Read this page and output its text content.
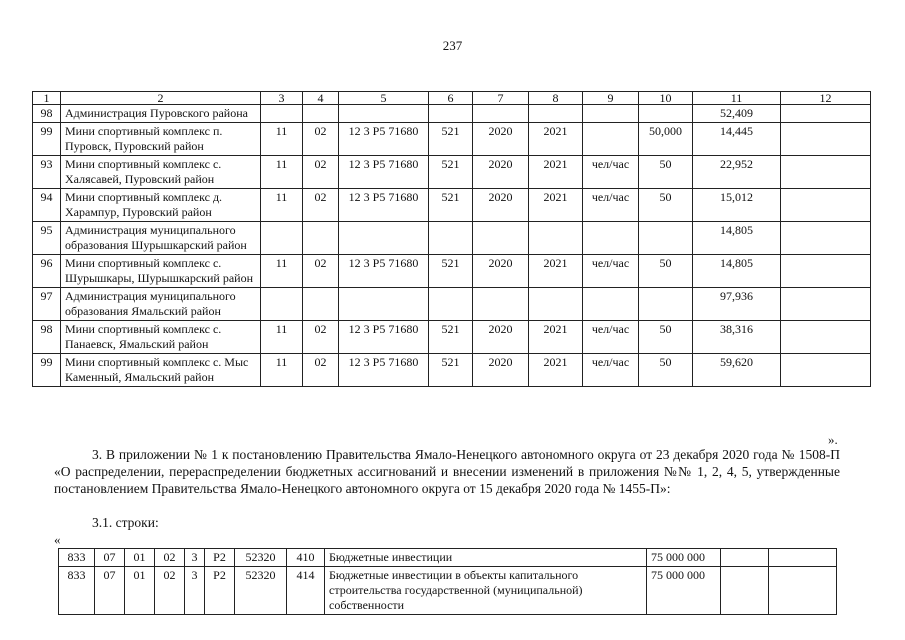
237
1	2	3	4	5	6	7	8	9	10	11	12
98	Администрация Пуровского района									52,409	
99	Мини спортивный комплекс п. Пуровск, Пуровский район	11	02	12 3 P5 71680	521	2020	2021		50,000	14,445	
93	Мини спортивный комплекс с. Халясавей, Пуровский район	11	02	12 3 P5 71680	521	2020	2021	чел/час	50	22,952	
94	Мини спортивный комплекс д. Харампур, Пуровский район	11	02	12 3 P5 71680	521	2020	2021	чел/час	50	15,012	
95	Администрация муниципального образования Шурышкарский район									14,805	
96	Мини спортивный комплекс с. Шурышкары, Шурышкарский район	11	02	12 3 P5 71680	521	2020	2021	чел/час	50	14,805	
97	Администрация муниципального образования Ямальский район									97,936	
98	Мини спортивный комплекс с. Панаевск, Ямальский район	11	02	12 3 P5 71680	521	2020	2021	чел/час	50	38,316	
99	Мини спортивный комплекс с. Мыс Каменный, Ямальский район	11	02	12 3 P5 71680	521	2020	2021	чел/час	50	59,620	
».
3. В приложении № 1 к постановлению Правительства Ямало-Ненецкого автономного округа от 23 декабря 2020 года № 1508-П «О распределении, перераспределении бюджетных ассигнований и внесении изменений в приложения №№ 1, 2, 4, 5, утвержденные постановлением Правительства Ямало-Ненецкого автономного округа от 15 декабря 2020 года № 1455-П»:
3.1. строки:
«
833	07	01	02	3	P2	52320	410	Бюджетные инвестиции	75 000 000		
833	07	01	02	3	P2	52320	414	Бюджетные инвестиции в объекты капитального строительства государственной (муниципальной) собственности	75 000 000		
